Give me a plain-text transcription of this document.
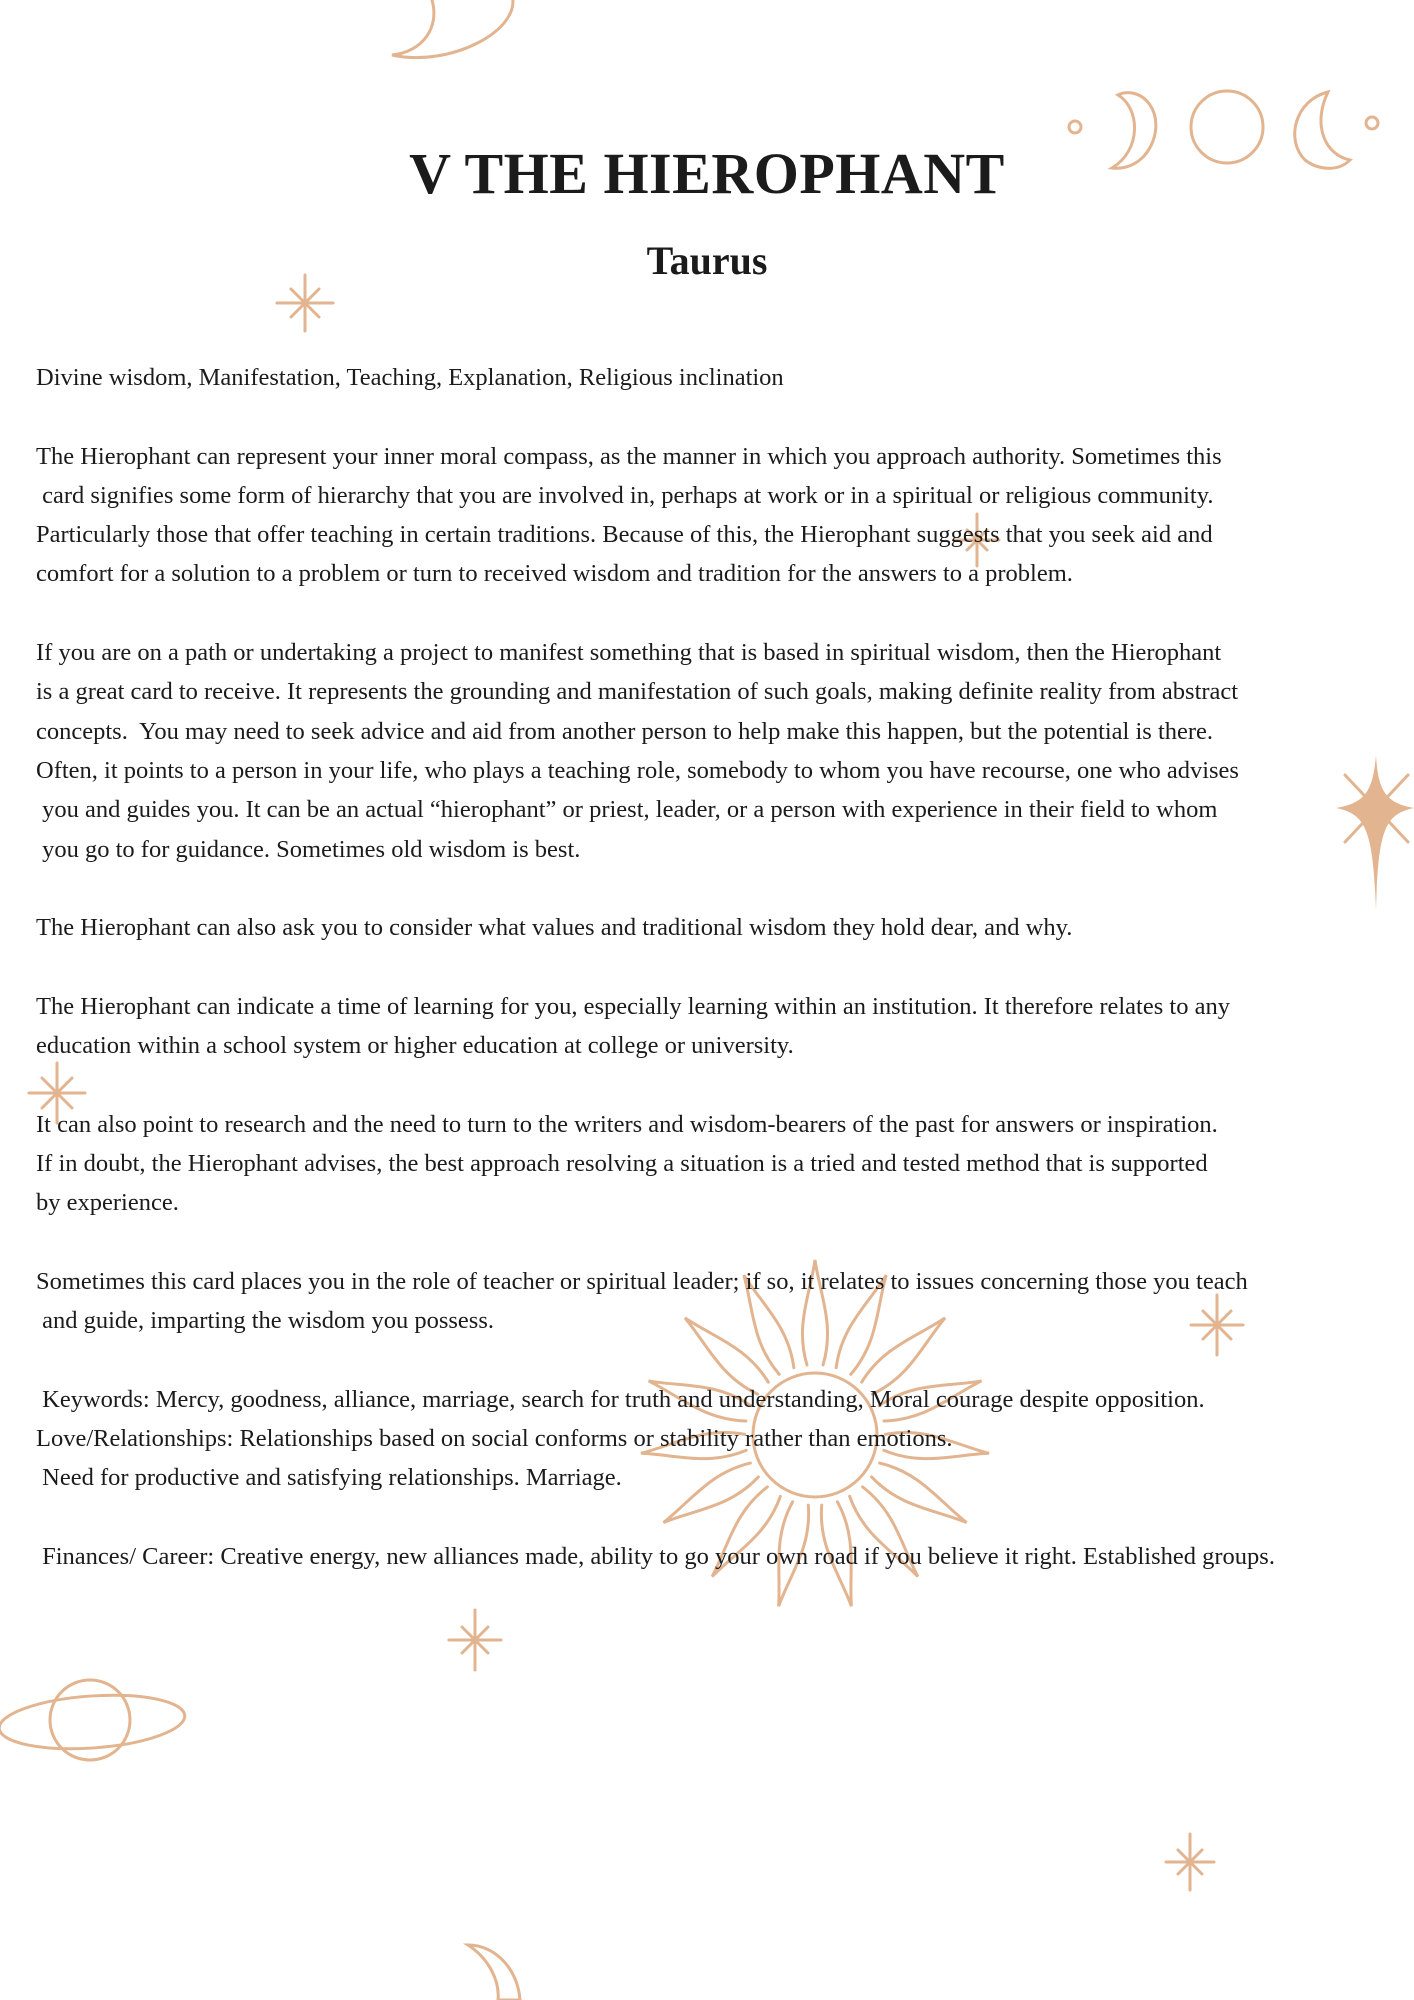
V THE HIEROPHANT
Taurus

Divine wisdom, Manifestation, Teaching, Explanation, Religious inclination

The Hierophant can represent your inner moral compass, as the manner in which you approach authority. Sometimes this
card signifies some form of hierarchy that you are involved in, perhaps at work or in a spiritual or religious community.
Particularly those that offer teaching in certain traditions. Because of this, the Hierophant suggests that you seek aid and
comfort for a solution to a problem or turn to received wisdom and tradition for the answers to a problem.

If you are on a path or undertaking a project to manifest something that is based in spiritual wisdom, then the Hierophant
is a great card to receive. It represents the grounding and manifestation of such goals, making definite reality from abstract
concepts.  You may need to seek advice and aid from another person to help make this happen, but the potential is there.
Often, it points to a person in your life, who plays a teaching role, somebody to whom you have recourse, one who advises
you and guides you. It can be an actual “hierophant” or priest, leader, or a person with experience in their field to whom
you go to for guidance. Sometimes old wisdom is best.

The Hierophant can also ask you to consider what values and traditional wisdom they hold dear, and why.

The Hierophant can indicate a time of learning for you, especially learning within an institution. It therefore relates to any
education within a school system or higher education at college or university.

It can also point to research and the need to turn to the writers and wisdom-bearers of the past for answers or inspiration.
If in doubt, the Hierophant advises, the best approach resolving a situation is a tried and tested method that is supported
by experience.

Sometimes this card places you in the role of teacher or spiritual leader; if so, it relates to issues concerning those you teach
and guide, imparting the wisdom you possess.

Keywords: Mercy, goodness, alliance, marriage, search for truth and understanding, Moral courage despite opposition.
Love/Relationships: Relationships based on social conforms or stability rather than emotions.
Need for productive and satisfying relationships. Marriage.

Finances/ Career: Creative energy, new alliances made, ability to go your own road if you believe it right. Established groups.
